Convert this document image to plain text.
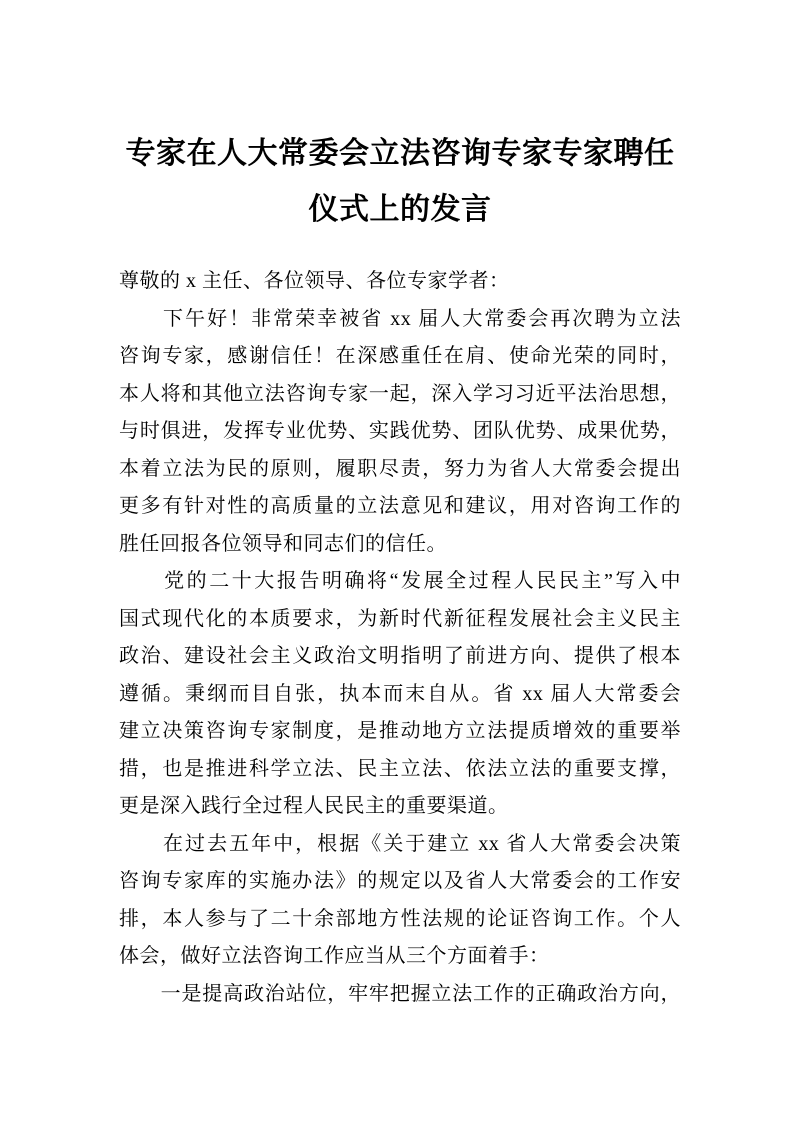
专家在人大常委会立法咨询专家专家聘任
仪式上的发言
尊敬的 x 主任、各位领导、各位专家学者：
　　下午好！非常荣幸被省 xx 届人大常委会再次聘为立法
咨询专家，感谢信任！在深感重任在肩、使命光荣的同时，
本人将和其他立法咨询专家一起，深入学习习近平法治思想，
与时俱进，发挥专业优势、实践优势、团队优势、成果优势，
本着立法为民的原则，履职尽责，努力为省人大常委会提出
更多有针对性的高质量的立法意见和建议，用对咨询工作的
胜任回报各位领导和同志们的信任。
　　党的二十大报告明确将“发展全过程人民民主”写入中
国式现代化的本质要求，为新时代新征程发展社会主义民主
政治、建设社会主义政治文明指明了前进方向、提供了根本
遵循。秉纲而目自张，执本而末自从。省 xx 届人大常委会
建立决策咨询专家制度，是推动地方立法提质增效的重要举
措，也是推进科学立法、民主立法、依法立法的重要支撑，
更是深入践行全过程人民民主的重要渠道。
　　在过去五年中，根据《关于建立 xx 省人大常委会决策
咨询专家库的实施办法》的规定以及省人大常委会的工作安
排，本人参与了二十余部地方性法规的论证咨询工作。个人
体会，做好立法咨询工作应当从三个方面着手：
　　一是提高政治站位，牢牢把握立法工作的正确政治方向，
